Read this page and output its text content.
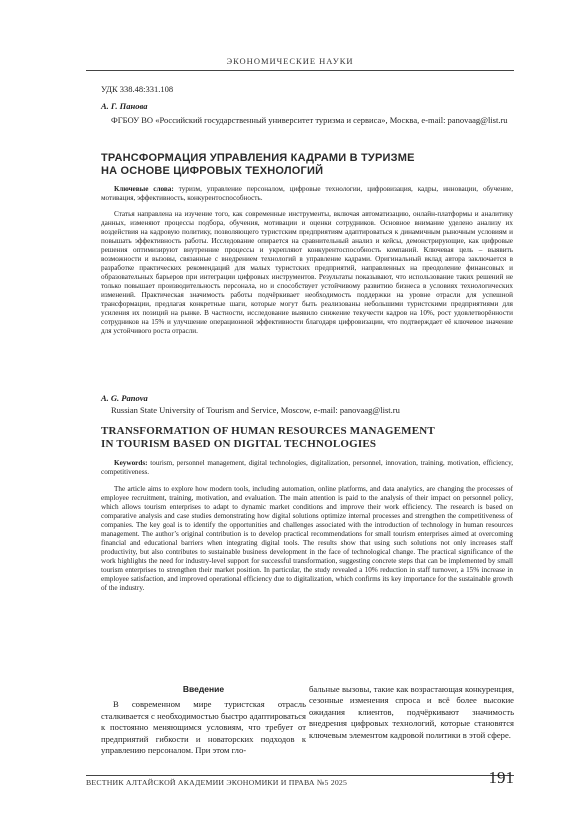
ЭКОНОМИЧЕСКИЕ НАУКИ
УДК 338.48:331.108
А. Г. Панова
ФГБОУ ВО «Российский государственный университет туризма и сервиса», Москва, e-mail: panovaag@list.ru
ТРАНСФОРМАЦИЯ УПРАВЛЕНИЯ КАДРАМИ В ТУРИЗМЕ
НА ОСНОВЕ ЦИФРОВЫХ ТЕХНОЛОГИЙ
Ключевые слова: туризм, управление персоналом, цифровые технологии, цифровизация, кадры, инновации, обучение, мотивация, эффективность, конкурентоспособность.
Статья направлена на изучение того, как современные инструменты, включая автоматизацию, онлайн-платформы и аналитику данных, изменяют процессы подбора, обучения, мотивации и оценки сотрудников. Основное внимание уделено анализу их воздействия на кадровую политику, позволяющего туристским предприятиям адаптироваться к динамичным рыночным условиям и повышать эффективность работы. Исследование опирается на сравнительный анализ и кейсы, демонстрирующие, как цифровые решения оптимизируют внутренние процессы и укрепляют конкурентоспособность компаний. Ключевая цель – выявить возможности и вызовы, связанные с внедрением технологий в управление кадрами. Оригинальный вклад автора заключается в разработке практических рекомендаций для малых туристских предприятий, направленных на преодоление финансовых и образовательных барьеров при интеграции цифровых инструментов. Результаты показывают, что использование таких решений не только повышает производительность персонала, но и способствует устойчивому развитию бизнеса в условиях технологических изменений. Практическая значимость работы подчёркивает необходимость поддержки на уровне отрасли для успешной трансформации, предлагая конкретные шаги, которые могут быть реализованы небольшими туристскими предприятиями для усиления их позиций на рынке. В частности, исследование выявило снижение текучести кадров на 10%, рост удовлетворённости сотрудников на 15% и улучшение операционной эффективности благодаря цифровизации, что подтверждает её ключевое значение для устойчивого роста отрасли.
A. G. Panova
Russian State University of Tourism and Service, Moscow, e-mail: panovaag@list.ru
TRANSFORMATION OF HUMAN RESOURCES MANAGEMENT
IN TOURISM BASED ON DIGITAL TECHNOLOGIES
Keywords: tourism, personnel management, digital technologies, digitalization, personnel, innovation, training, motivation, efficiency, competitiveness.
The article aims to explore how modern tools, including automation, online platforms, and data analytics, are changing the processes of employee recruitment, training, motivation, and evaluation. The main attention is paid to the analysis of their impact on personnel policy, which allows tourism enterprises to adapt to dynamic market conditions and improve their work efficiency. The research is based on comparative analysis and case studies demonstrating how digital solutions optimize internal processes and strengthen the competitiveness of companies. The key goal is to identify the opportunities and challenges associated with the introduction of technology in human resources management. The author’s original contribution is to develop practical recommendations for small tourism enterprises aimed at overcoming financial and educational barriers when integrating digital tools. The results show that using such solutions not only increases staff productivity, but also contributes to sustainable business development in the face of technological change. The practical significance of the work highlights the need for industry-level support for successful transformation, suggesting concrete steps that can be implemented by small tourism enterprises to strengthen their market position. In particular, the study revealed a 10% reduction in staff turnover, a 15% increase in employee satisfaction, and improved operational efficiency due to digitalization, which confirms its key importance for the sustainable growth of the industry.
Введение

В современном мире туристская отрасль сталкивается с необходимостью быстро адаптироваться к постоянно меняющимся условиям, что требует от предприятий гибкости и новаторских подходов к управлению персоналом. При этом гло-

бальные вызовы, такие как возрастающая конкуренция, сезонные изменения спроса и всё более высокие ожидания клиентов, подчёркивают значимость внедрения цифровых технологий, которые становятся ключевым элементом кадровой политики в этой сфере.

ВЕСТНИК АЛТАЙСКОЙ АКАДЕМИИ ЭКОНОМИКИ И ПРАВА №5 2025	191
